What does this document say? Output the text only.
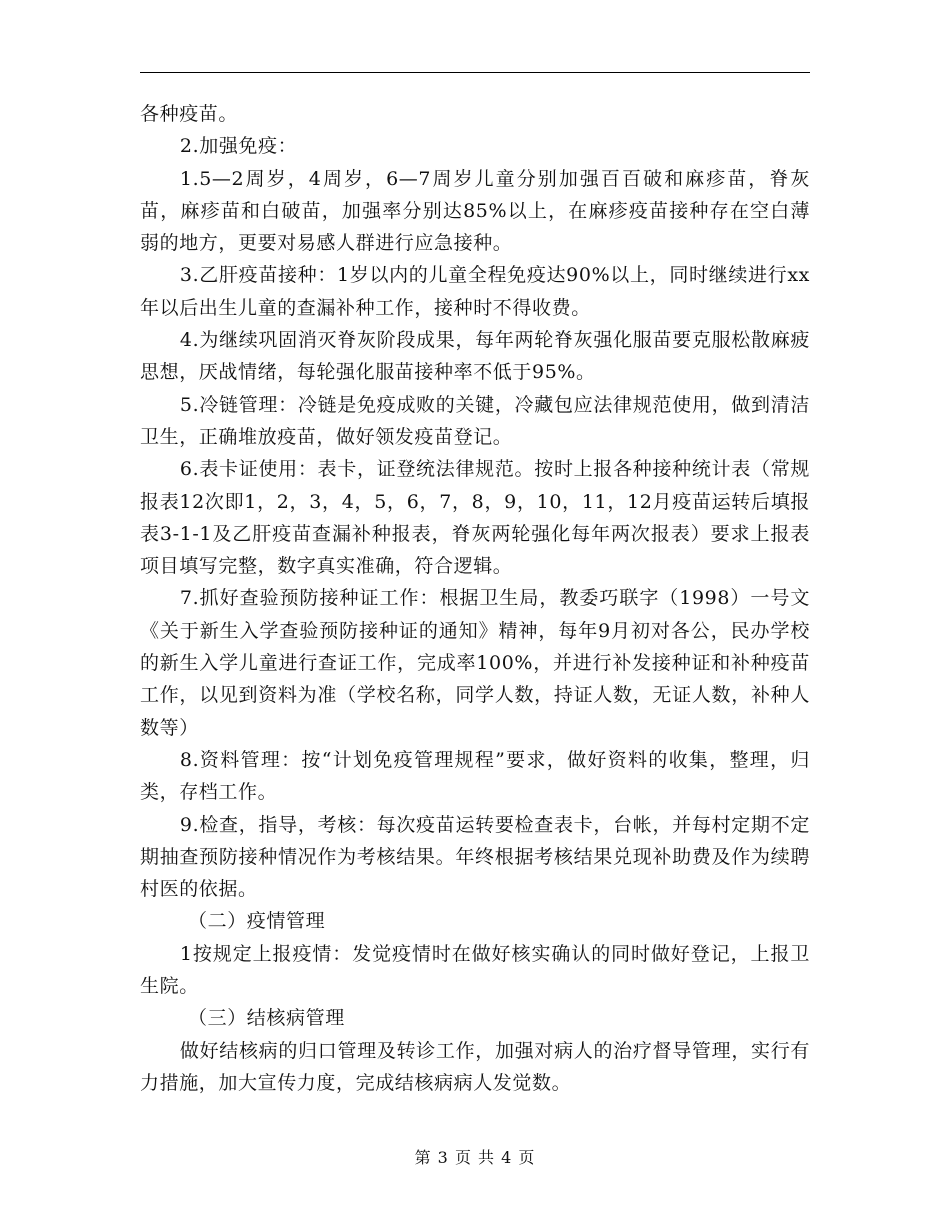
各种疫苗。

2.加强免疫：

1.5—2周岁，4周岁，6—7周岁儿童分别加强百百破和麻疹苗，脊灰苗，麻疹苗和白破苗，加强率分别达85%以上，在麻疹疫苗接种存在空白薄弱的地方，更要对易感人群进行应急接种。

3.乙肝疫苗接种：1岁以内的儿童全程免疫达90%以上，同时继续进行xx年以后出生儿童的查漏补种工作，接种时不得收费。

4.为继续巩固消灭脊灰阶段成果，每年两轮脊灰强化服苗要克服松散麻疲思想，厌战情绪，每轮强化服苗接种率不低于95%。

5.冷链管理：冷链是免疫成败的关键，冷藏包应法律规范使用，做到清洁卫生，正确堆放疫苗，做好领发疫苗登记。

6.表卡证使用：表卡，证登统法律规范。按时上报各种接种统计表（常规报表12次即1，2，3，4，5，6，7，8，9，10，11，12月疫苗运转后填报表3-1-1及乙肝疫苗查漏补种报表，脊灰两轮强化每年两次报表）要求上报表项目填写完整，数字真实准确，符合逻辑。

7.抓好查验预防接种证工作：根据卫生局，教委巧联字（1998）一号文《关于新生入学查验预防接种证的通知》精神，每年9月初对各公，民办学校的新生入学儿童进行查证工作，完成率100%，并进行补发接种证和补种疫苗工作，以见到资料为准（学校名称，同学人数，持证人数，无证人数，补种人数等）

8.资料管理：按“计划免疫管理规程”要求，做好资料的收集，整理，归类，存档工作。

9.检查，指导，考核：每次疫苗运转要检查表卡，台帐，并每村定期不定期抽查预防接种情况作为考核结果。年终根据考核结果兑现补助费及作为续聘村医的依据。

（二）疫情管理

1按规定上报疫情：发觉疫情时在做好核实确认的同时做好登记，上报卫生院。

（三）结核病管理

做好结核病的归口管理及转诊工作，加强对病人的治疗督导管理，实行有力措施，加大宣传力度，完成结核病病人发觉数。

第 3 页 共 4 页
